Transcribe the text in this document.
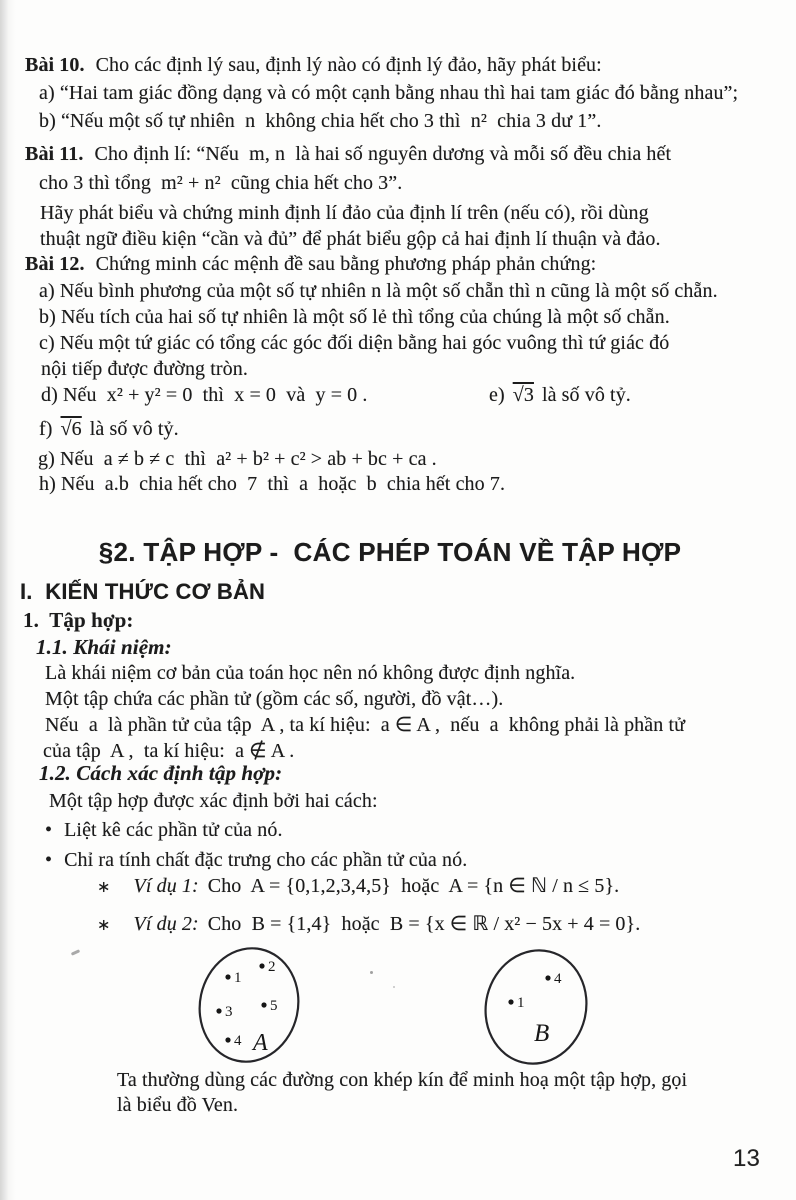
Bài 10. Cho các định lý sau, định lý nào có định lý đảo, hãy phát biểu:
a) “Hai tam giác đồng dạng và có một cạnh bằng nhau thì hai tam giác đó bằng nhau”;
b) “Nếu một số tự nhiên  n  không chia hết cho 3 thì  n²  chia 3 dư 1”.
Bài 11. Cho định lí: “Nếu  m, n  là hai số nguyên dương và mỗi số đều chia hết
cho 3 thì tổng  m² + n²  cũng chia hết cho 3”.
Hãy phát biểu và chứng minh định lí đảo của định lí trên (nếu có), rồi dùng
thuật ngữ điều kiện “cần và đủ” để phát biểu gộp cả hai định lí thuận và đảo.
Bài 12. Chứng minh các mệnh đề sau bằng phương pháp phản chứng:
a) Nếu bình phương của một số tự nhiên n là một số chẵn thì n cũng là một số chẵn.
b) Nếu tích của hai số tự nhiên là một số lẻ thì tổng của chúng là một số chẵn.
c) Nếu một tứ giác có tổng các góc đối diện bằng hai góc vuông thì tứ giác đó
nội tiếp được đường tròn.
d) Nếu  x² + y² = 0  thì  x = 0  và  y = 0 .	e) √3 là số vô tỷ.
f) √6 là số vô tỷ.
g) Nếu  a ≠ b ≠ c  thì  a² + b² + c² > ab + bc + ca .
h) Nếu  a.b  chia hết cho  7  thì  a  hoặc  b  chia hết cho 7.
§2. TẬP HỢP -  CÁC PHÉP TOÁN VỀ TẬP HỢP
I.  KIẾN THỨC CƠ BẢN
1.  Tập hợp:
1.1. Khái niệm:
Là khái niệm cơ bản của toán học nên nó không được định nghĩa.
Một tập chứa các phần tử (gồm các số, người, đồ vật…).
Nếu  a  là phần tử của tập  A , ta kí hiệu:  a ∈ A ,  nếu  a  không phải là phần tử
của tập  A ,  ta kí hiệu:  a ∉ A .
1.2. Cách xác định tập hợp:
Một tập hợp được xác định bởi hai cách:
• Liệt kê các phần tử của nó.
• Chỉ ra tính chất đặc trưng cho các phần tử của nó.
∗ Ví dụ 1: Cho  A = {0,1,2,3,4,5}  hoặc  A = {n ∈ ℕ / n ≤ 5}.
∗ Ví dụ 2: Cho  B = {1,4}  hoặc  B = {x ∈ ℝ / x² − 5x + 4 = 0}.
1
2
3	5
4 A
4
1
B
Ta thường dùng các đường con khép kín để minh hoạ một tập hợp, gọi
là biểu đồ Ven.
13
